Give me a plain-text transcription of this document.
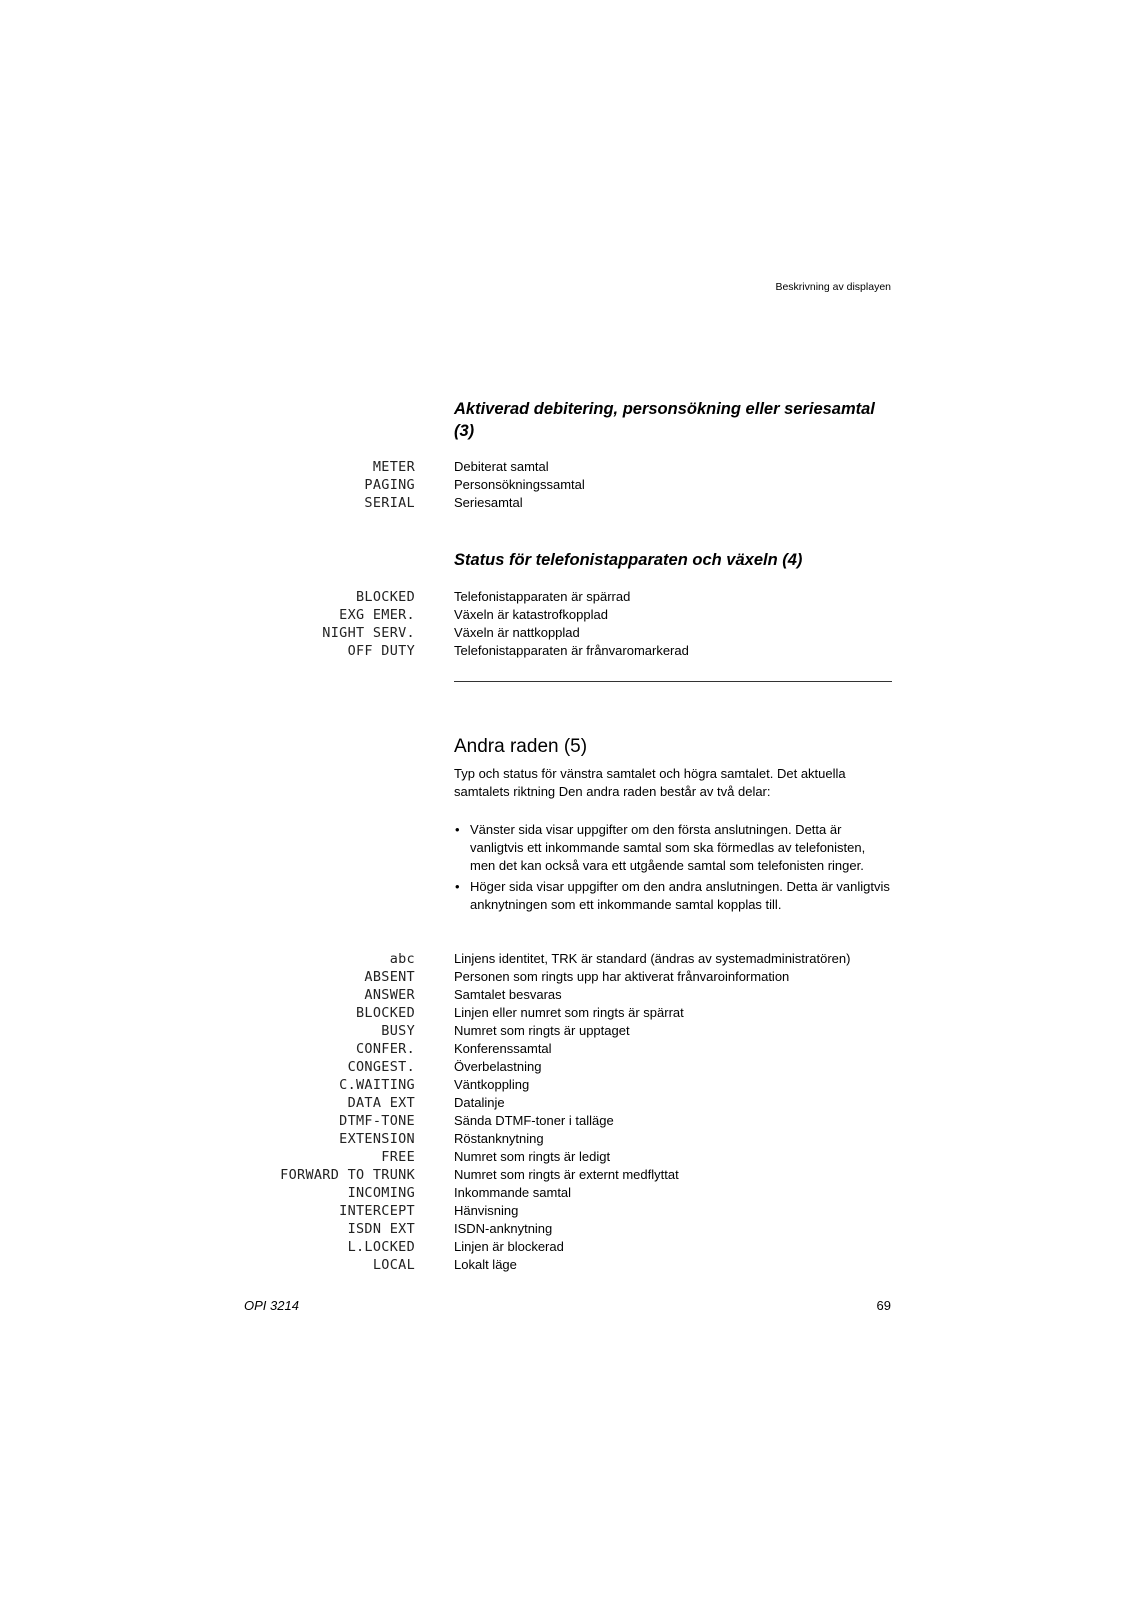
Beskrivning av displayen
Aktiverad debitering, personsökning eller seriesamtal (3)
METER	Debiterat samtal
PAGING	Personsökningssamtal
SERIAL	Seriesamtal
Status för telefonistapparaten och växeln (4)
BLOCKED	Telefonistapparaten är spärrad
EXG EMER.	Växeln är katastrofkopplad
NIGHT SERV.	Växeln är nattkopplad
OFF DUTY	Telefonistapparaten är frånvaromarkerad
Andra raden (5)
Typ och status för vänstra samtalet och högra samtalet. Det aktuella samtalets riktning Den andra raden består av två delar:
• Vänster sida visar uppgifter om den första anslutningen. Detta är vanligtvis ett inkommande samtal som ska förmedlas av telefonisten, men det kan också vara ett utgående samtal som telefonisten ringer.
• Höger sida visar uppgifter om den andra anslutningen. Detta är vanligtvis anknytningen som ett inkommande samtal kopplas till.
abc	Linjens identitet, TRK är standard (ändras av systemadministratören)
ABSENT	Personen som ringts upp har aktiverat frånvaroinformation
ANSWER	Samtalet besvaras
BLOCKED	Linjen eller numret som ringts är spärrat
BUSY	Numret som ringts är upptaget
CONFER.	Konferenssamtal
CONGEST.	Överbelastning
C.WAITING	Väntkoppling
DATA EXT	Datalinje
DTMF-TONE	Sända DTMF-toner i talläge
EXTENSION	Röstanknytning
FREE	Numret som ringts är ledigt
FORWARD TO TRUNK	Numret som ringts är externt medflyttat
INCOMING	Inkommande samtal
INTERCEPT	Hänvisning
ISDN EXT	ISDN-anknytning
L.LOCKED	Linjen är blockerad
LOCAL	Lokalt läge
OPI 3214	69
